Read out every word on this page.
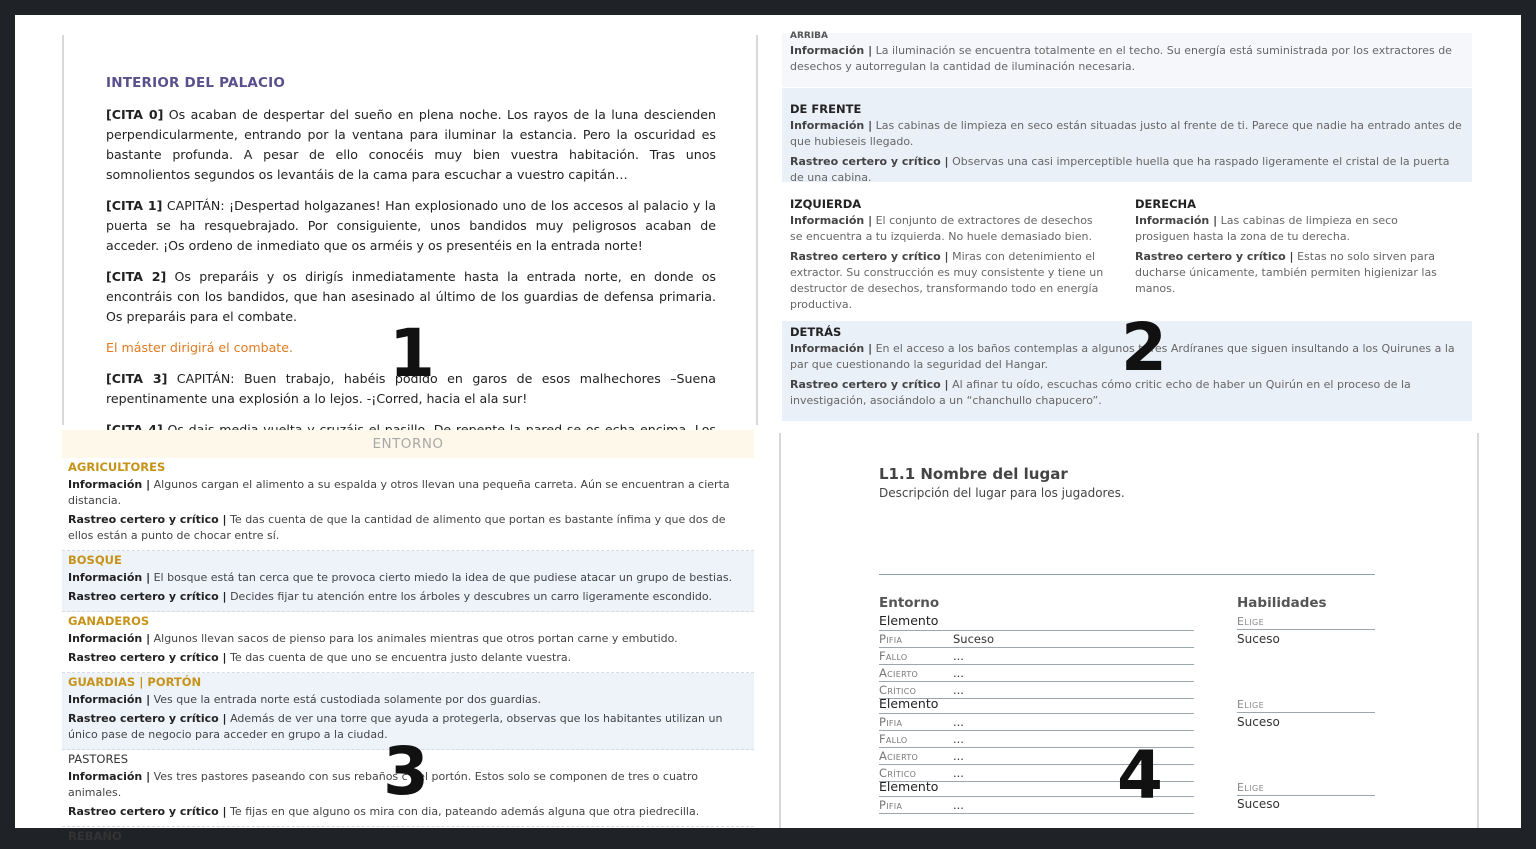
INTERIOR DEL PALACIO

[CITA 0] Os acaban de despertar del sueño en plena noche. Los rayos de la luna descienden perpendicularmente, entrando por la ventana para iluminar la estancia. Pero la oscuridad es bastante profunda. A pesar de ello conocéis muy bien vuestra habitación. Tras unos somnolientos segundos os levantáis de la cama para escuchar a vuestro capitán…

[CITA 1] CAPITÁN: ¡Despertad holgazanes! Han explosionado uno de los accesos al palacio y la puerta se ha resquebrajado. Por consiguiente, unos bandidos muy peligrosos acaban de acceder. ¡Os ordeno de inmediato que os arméis y os presentéis en la entrada norte!

[CITA 2] Os preparáis y os dirigís inmediatamente hasta la entrada norte, en donde os encontráis con los bandidos, que han asesinado al último de los guardias de defensa primaria. Os preparáis para el combate.

El máster dirigirá el combate.

[CITA 3] CAPITÁN: Buen trabajo, habéis podido en garos de esos malhechores –Suena repentinamente una explosión a lo lejos. -¡Corred, hacia el ala sur!

1
ARRIBA
Información | La iluminación se encuentra totalmente en el techo. Su energía está suministrada por los extractores de desechos y autorregulan la cantidad de iluminación necesaria.
DE FRENTE
Información | Las cabinas de limpieza en seco están situadas justo al frente de ti. Parece que nadie ha entrado antes de que hubieseis llegado.
Rastreo certero y crítico | Observas una casi imperceptible huella que ha raspado ligeramente el cristal de la puerta de una cabina.
IZQUIERDA
Información | El conjunto de extractores de desechos se encuentra a tu izquierda. No huele demasiado bien.
Rastreo certero y crítico | Miras con detenimiento el extractor. Su construcción es muy consistente y tiene un destructor de desechos, transformando todo en energía productiva.
DERECHA
Información | Las cabinas de limpieza en seco prosiguen hasta la zona de tu derecha.
Rastreo certero y crítico | Estas no solo sirven para ducharse únicamente, también permiten higienizar las manos.
DETRÁS
Información | En el acceso a los baños contemplas a algunos tr res Ardíranes que siguen insultando a los Quirunes a la par que cuestionando la seguridad del Hangar.
Rastreo certero y crítico | Al afinar tu oído, escuchas cómo critic echo de haber un Quirún en el proceso de la investigación, asociándolo a un “chanchullo chapucero”.
2
ENTORNO
AGRICULTORES
Información | Algunos cargan el alimento a su espalda y otros llevan una pequeña carreta. Aún se encuentran a cierta distancia.
Rastreo certero y crítico | Te das cuenta de que la cantidad de alimento que portan es bastante ínfima y que dos de ellos están a punto de chocar entre sí.
BOSQUE
Información | El bosque está tan cerca que te provoca cierto miedo la idea de que pudiese atacar un grupo de bestias.
Rastreo certero y crítico | Decides fijar tu atención entre los árboles y descubres un carro ligeramente escondido.
GANADEROS
Información | Algunos llevan sacos de pienso para los animales mientras que otros portan carne y embutido.
Rastreo certero y crítico | Te das cuenta de que uno se encuentra justo delante vuestra.
GUARDIAS | PORTÓN
Información | Ves que la entrada norte está custodiada solamente por dos guardias.
Rastreo certero y crítico | Además de ver una torre que ayuda a protegerla, observas que los habitantes utilizan un único pase de negocio para acceder en grupo a la ciudad.
PASTORES
Información | Ves tres pastores paseando con sus rebaños c del portón. Estos solo se componen de tres o cuatro animales.
Rastreo certero y crítico | Te fijas en que alguno os mira con dia, pateando además alguna que otra piedrecilla.
REBAÑO
3
L1.1 Nombre del lugar
Descripción del lugar para los jugadores.
Entorno	Habilidades
Elemento
Pifia	Suceso
Fallo	...
Acierto	...
Crítico	...
Elemento
Pifia	...
Fallo	...
Acierto	...
Crítico	...
Elemento
Pifia	...
Elige
Suceso
Elige
Suceso
Elige
Suceso
4
